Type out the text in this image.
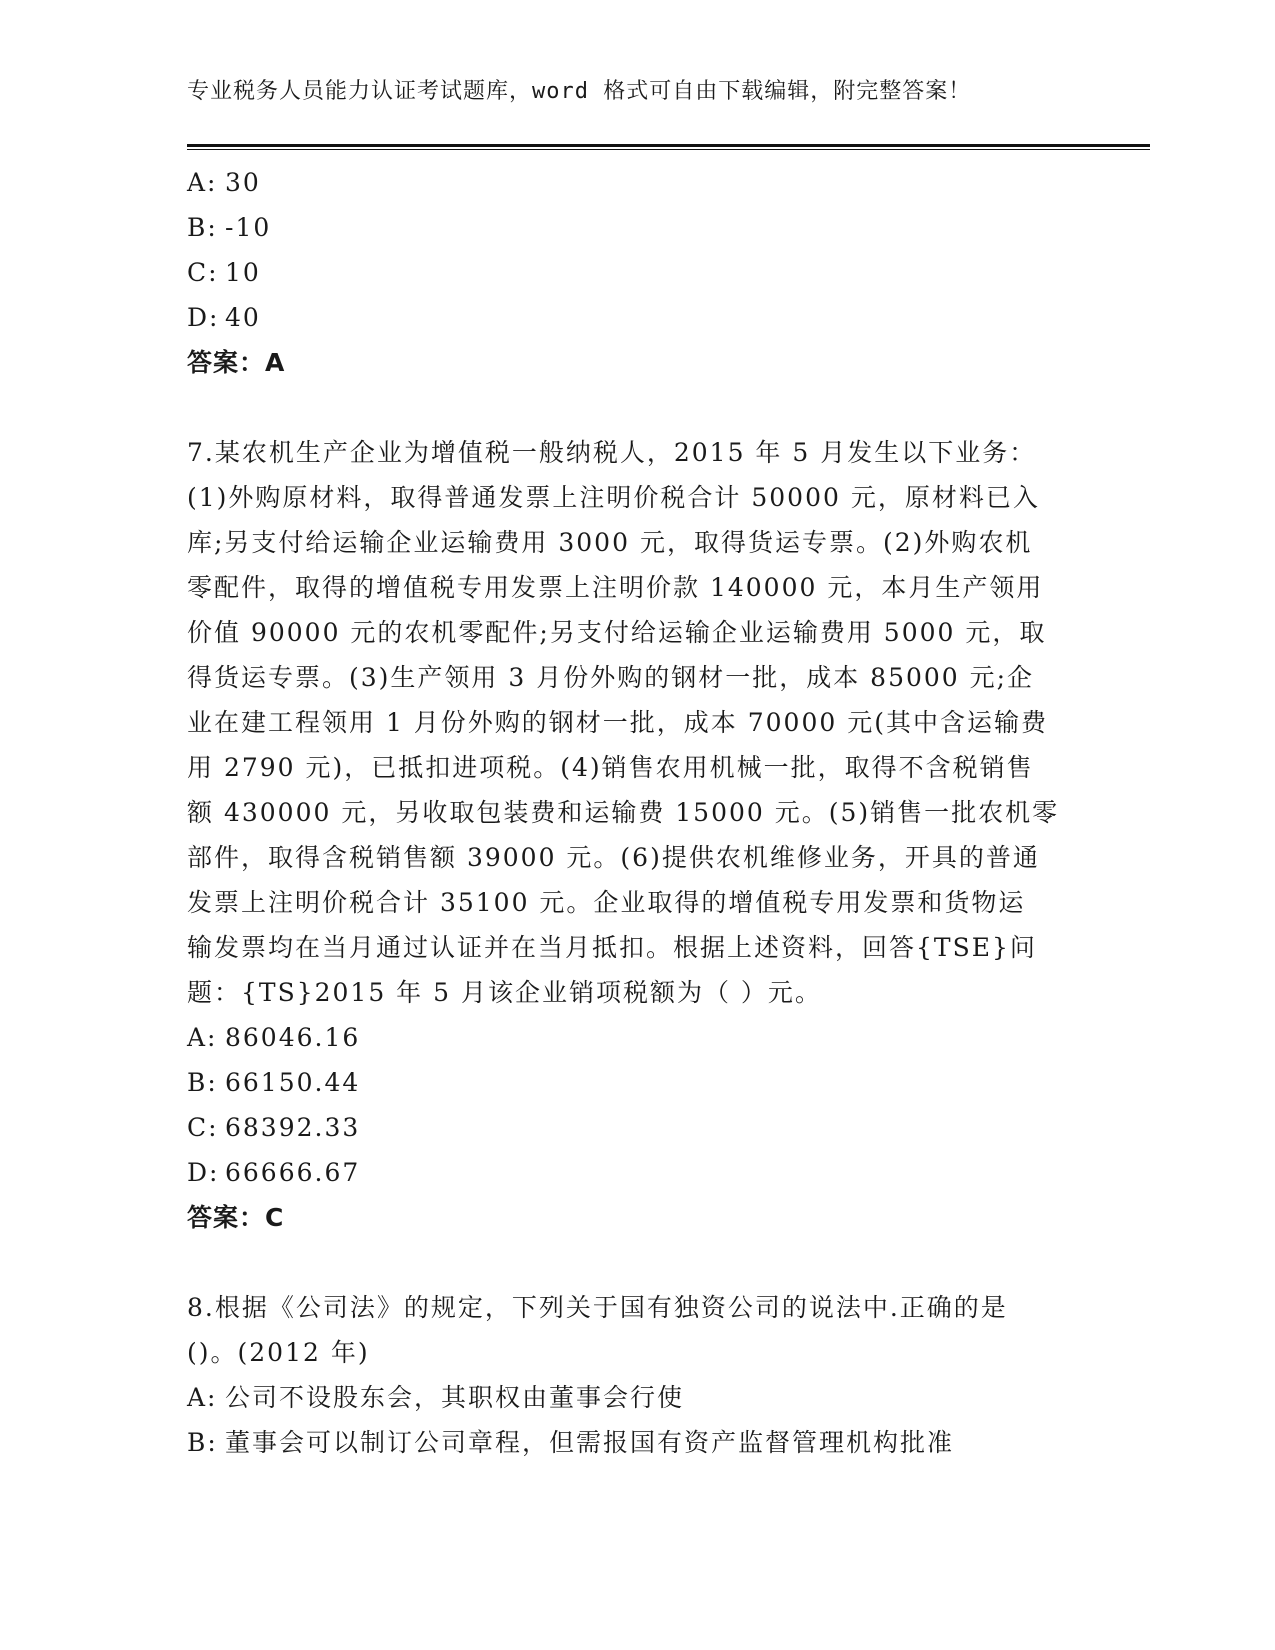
专业税务人员能力认证考试题库，word 格式可自由下载编辑，附完整答案！
A: 30
B: -10
C: 10
D: 40
答案：A
7.某农机生产企业为增值税一般纳税人，2015 年 5 月发生以下业务：
(1)外购原材料，取得普通发票上注明价税合计 50000 元，原材料已入
库;另支付给运输企业运输费用 3000 元，取得货运专票。(2)外购农机
零配件，取得的增值税专用发票上注明价款 140000 元，本月生产领用
价值 90000 元的农机零配件;另支付给运输企业运输费用 5000 元，取
得货运专票。(3)生产领用 3 月份外购的钢材一批，成本 85000 元;企
业在建工程领用 1 月份外购的钢材一批，成本 70000 元(其中含运输费
用 2790 元)，已抵扣进项税。(4)销售农用机械一批，取得不含税销售
额 430000 元，另收取包装费和运输费 15000 元。(5)销售一批农机零
部件，取得含税销售额 39000 元。(6)提供农机维修业务，开具的普通
发票上注明价税合计 35100 元。企业取得的增值税专用发票和货物运
输发票均在当月通过认证并在当月抵扣。根据上述资料，回答{TSE}问
题：{TS}2015 年 5 月该企业销项税额为（ ）元。
A: 86046.16
B: 66150.44
C: 68392.33
D: 66666.67
答案：C
8.根据《公司法》的规定，下列关于国有独资公司的说法中.正确的是
()。(2012 年)
A: 公司不设股东会，其职权由董事会行使
B: 董事会可以制订公司章程，但需报国有资产监督管理机构批准
